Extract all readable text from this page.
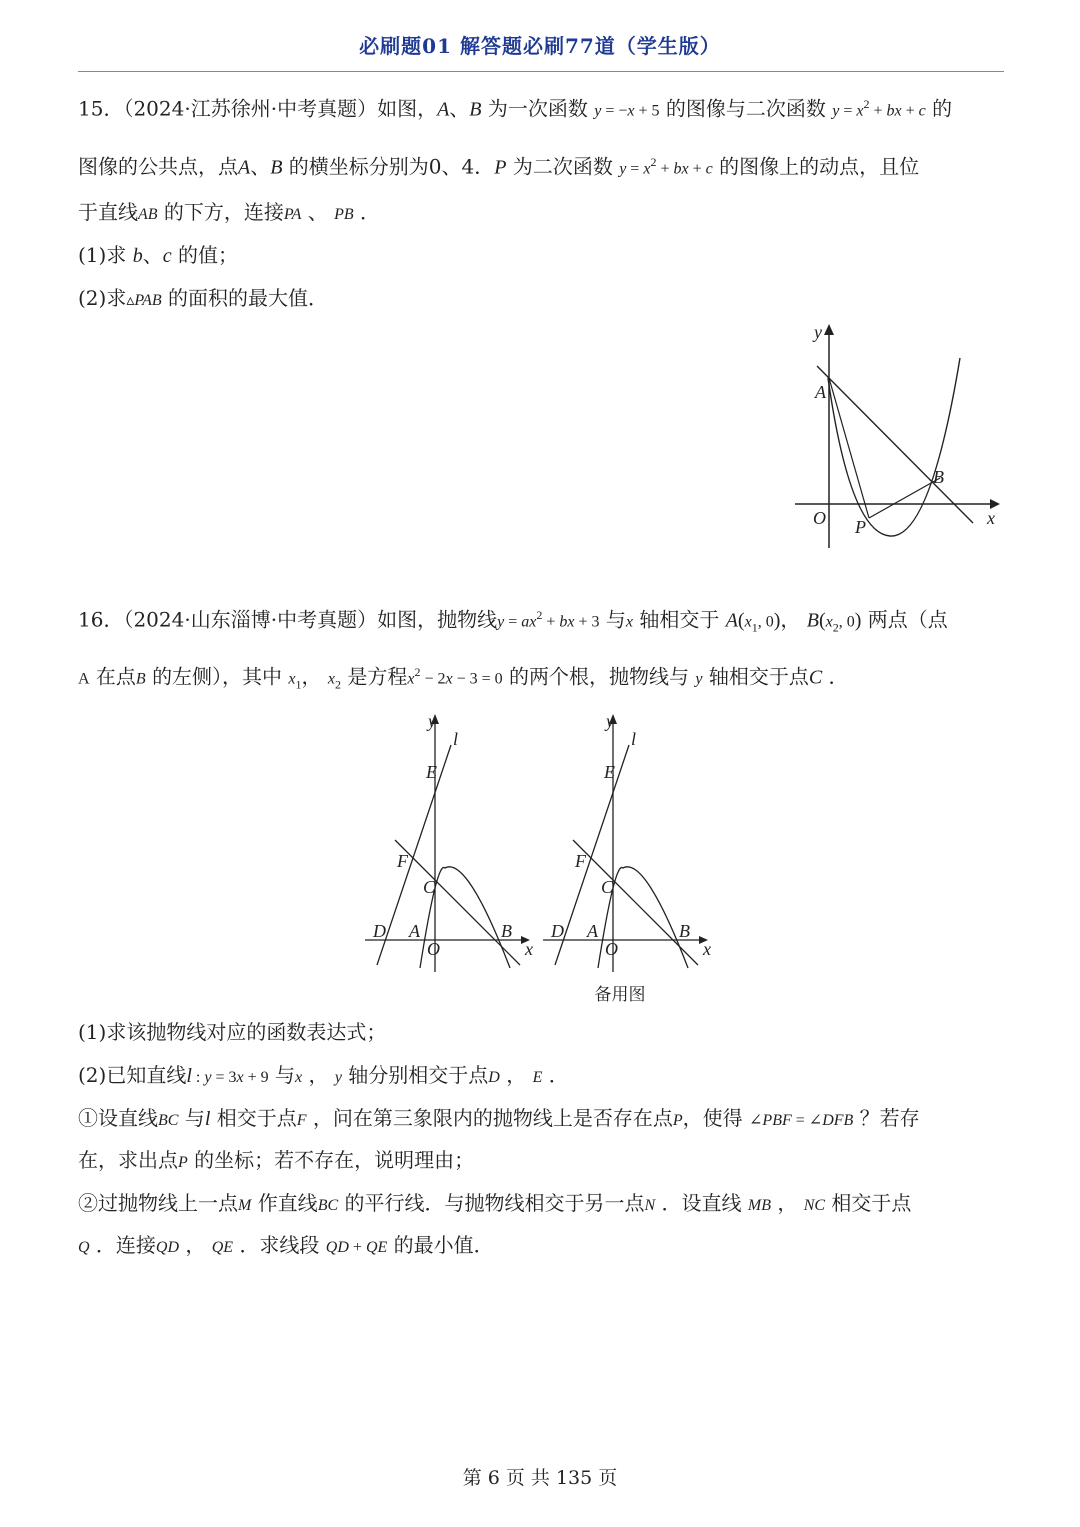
必刷题01 解答题必刷77道（学生版）
15．（2024·江苏徐州·中考真题）如图，A、B 为一次函数 y = −x + 5 的图像与二次函数 $y = x^2$ + bx + c 的
图像的公共点，点A、B 的横坐标分别为0、4．P 为二次函数 $y = x^2$ + bx + c 的图像上的动点，且位
于直线AB 的下方，连接PA 、 PB ．
(1)求 b、c 的值；
(2)求▵PAB 的面积的最大值．
y
A
B
O P	x
16．（2024·山东淄博·中考真题）如图，抛物线$y = ax^2$ + bx + 3 与x 轴相交于 $A(x_1$, 0)， $B(x_2$, 0) 两点（点
A 在点B 的左侧），其中 $x_1$， $x_2$ 是方程$x^2 - 2x - 3 = 0$ 的两个根，抛物线与 y 轴相交于点C ．
y
l
E
F
C
D A
O
B
x
y
l
E
F
C
D A
O
B
x
备用图
(1)求该抛物线对应的函数表达式；
(2)已知直线l : y = 3x + 9 与x ， y 轴分别相交于点D ， E ．
①设直线BC 与l 相交于点F ，问在第三象限内的抛物线上是否存在点P，使得 ∠PBF = ∠DFB ？若存
在，求出点P 的坐标；若不存在，说明理由；
②过抛物线上一点M 作直线BC 的平行线．与抛物线相交于另一点N ．设直线 MB ， NC 相交于点
Q ．连接QD ， QE ．求线段 QD + QE 的最小值．
第 6 页 共 135 页
